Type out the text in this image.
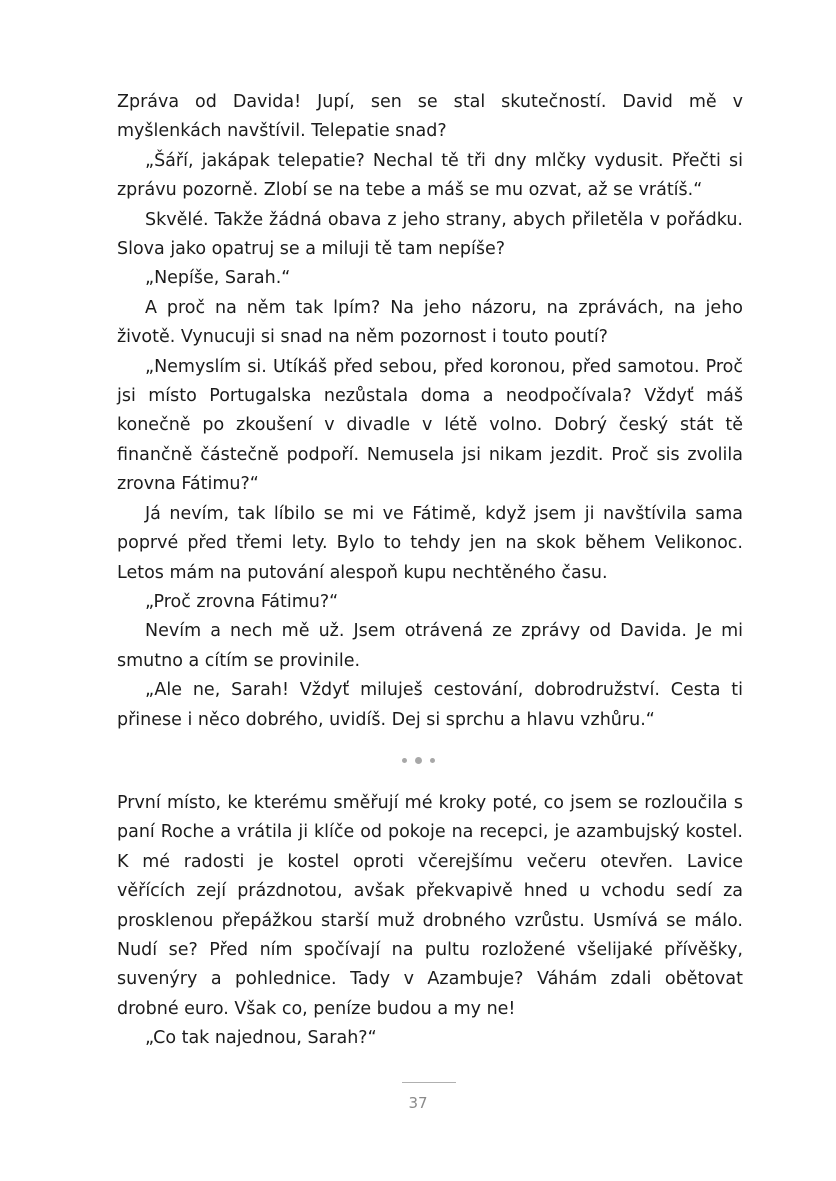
Zpráva od Davida! Jupí, sen se stal skutečností. David mě v myšlenkách navštívil. Telepatie snad?

„Šáří, jakápak telepatie? Nechal tě tři dny mlčky vydusit. Přečti si zprávu pozorně. Zlobí se na tebe a máš se mu ozvat, až se vrátíš.“

Skvělé. Takže žádná obava z jeho strany, abych přiletěla v pořádku. Slova jako opatruj se a miluji tě tam nepíše?

„Nepíše, Sarah.“

A proč na něm tak lpím? Na jeho názoru, na zprávách, na jeho životě. Vynucuji si snad na něm pozornost i touto poutí?

„Nemyslím si. Utíkáš před sebou, před koronou, před samotou. Proč jsi místo Portugalska nezůstala doma a neodpočívala? Vždyť máš konečně po zkoušení v divadle v létě volno. Dobrý český stát tě finančně částečně podpoří. Nemusela jsi nikam jezdit. Proč sis zvolila zrovna Fátimu?“

Já nevím, tak líbilo se mi ve Fátimě, když jsem ji navštívila sama poprvé před třemi lety. Bylo to tehdy jen na skok během Velikonoc. Letos mám na putování alespoň kupu nechtěného času.

„Proč zrovna Fátimu?“

Nevím a nech mě už. Jsem otrávená ze zprávy od Davida. Je mi smutno a cítím se provinile.

„Ale ne, Sarah! Vždyť miluješ cestování, dobrodružství. Cesta ti přinese i něco dobrého, uvidíš. Dej si sprchu a hlavu vzhůru.“

První místo, ke kterému směřují mé kroky poté, co jsem se rozloučila s paní Roche a vrátila ji klíče od pokoje na recepci, je azambujský kostel. K mé radosti je kostel oproti včerejšímu večeru otevřen. Lavice věřících zejí prázdnotou, avšak překvapivě hned u vchodu sedí za prosklenou přepážkou starší muž drobného vzrůstu. Usmívá se málo. Nudí se? Před ním spočívají na pultu rozložené všelijaké přívěšky, suvenýry a pohlednice. Tady v Azambuje? Váhám zdali obětovat drobné euro. Však co, peníze budou a my ne!

„Co tak najednou, Sarah?“

37
